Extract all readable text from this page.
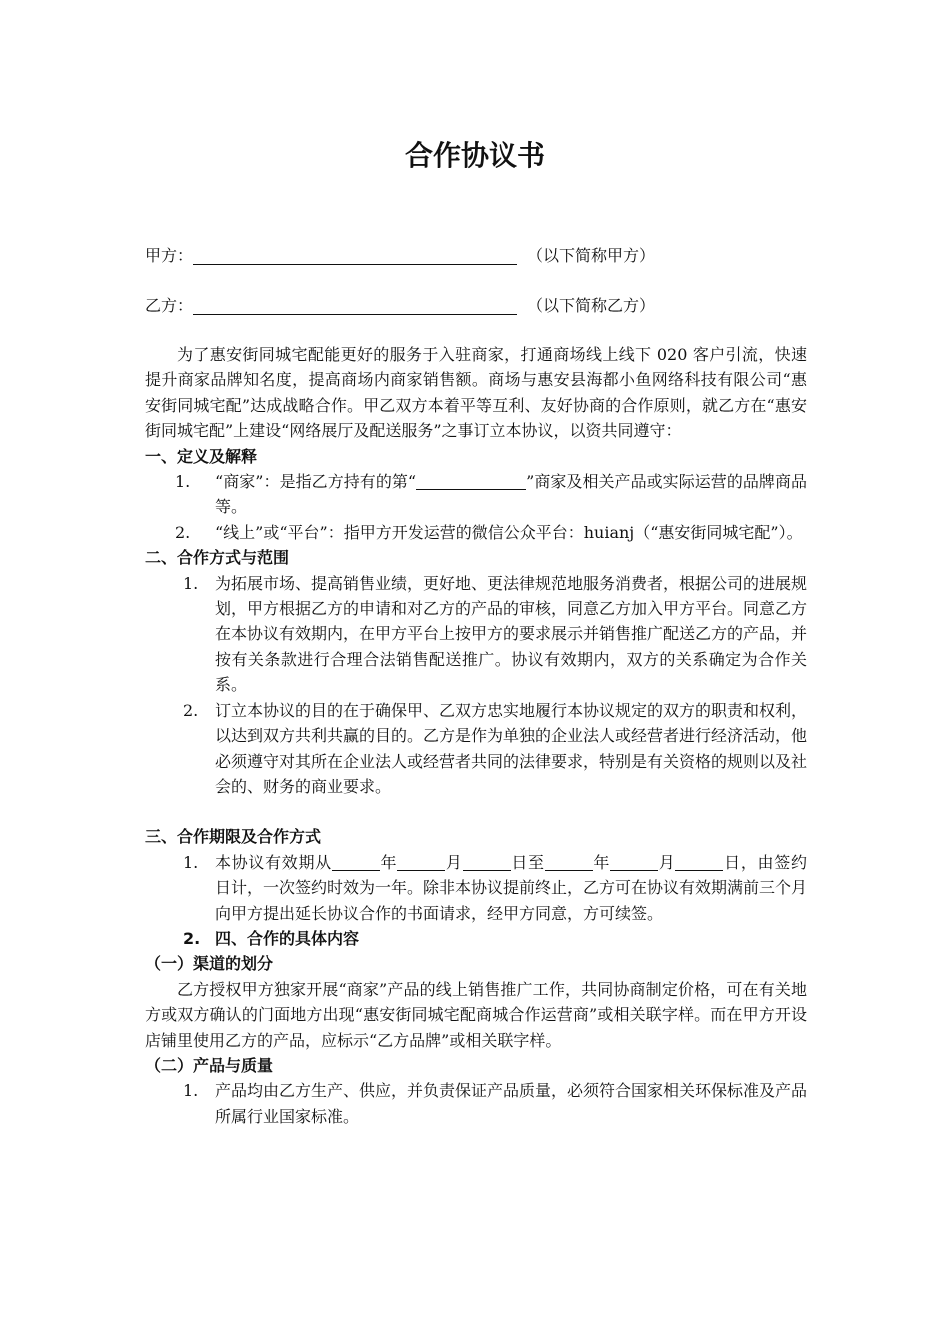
合作协议书
甲方：	（以下简称甲方）
乙方：	（以下简称乙方）

为了惠安街同城宅配能更好的服务于入驻商家，打通商场线上线下 020 客户引流，快速提升商家品牌知名度，提高商场内商家销售额。商场与惠安县海都小鱼网络科技有限公司“惠安街同城宅配”达成战略合作。甲乙双方本着平等互利、友好协商的合作原则，就乙方在“惠安街同城宅配”上建设“网络展厅及配送服务”之事订立本协议，以资共同遵守：

一、定义及解释

1. “商家”：是指乙方持有的第“	”商家及相关产品或实际运营的品牌商品等。

2. “线上”或“平台”：指甲方开发运营的微信公众平台：huianj（“惠安街同城宅配”）。

二、合作方式与范围

1. 为拓展市场、提高销售业绩，更好地、更法律规范地服务消费者，根据公司的进展规划，甲方根据乙方的申请和对乙方的产品的审核，同意乙方加入甲方平台。同意乙方在本协议有效期内，在甲方平台上按甲方的要求展示并销售推广配送乙方的产品，并按有关条款进行合理合法销售配送推广。协议有效期内，双方的关系确定为合作关系。

2. 订立本协议的目的在于确保甲、乙双方忠实地履行本协议规定的双方的职责和权利，以达到双方共利共赢的目的。乙方是作为单独的企业法人或经营者进行经济活动，他必须遵守对其所在企业法人或经营者共同的法律要求，特别是有关资格的规则以及社会的、财务的商业要求。

三、合作期限及合作方式

1. 本协议有效期从	年	月	日至	年	月	日，由签约日计，一次签约时效为一年。除非本协议提前终止，乙方可在协议有效期满前三个月向甲方提出延长协议合作的书面请求，经甲方同意，方可续签。

2. 四、合作的具体内容

（一）渠道的划分

乙方授权甲方独家开展“商家”产品的线上销售推广工作，共同协商制定价格，可在有关地方或双方确认的门面地方出现“惠安街同城宅配商城合作运营商”或相关联字样。而在甲方开设店铺里使用乙方的产品，应标示“乙方品牌”或相关联字样。

（二）产品与质量

1. 产品均由乙方生产、供应，并负责保证产品质量，必须符合国家相关环保标准及产品所属行业国家标准。
